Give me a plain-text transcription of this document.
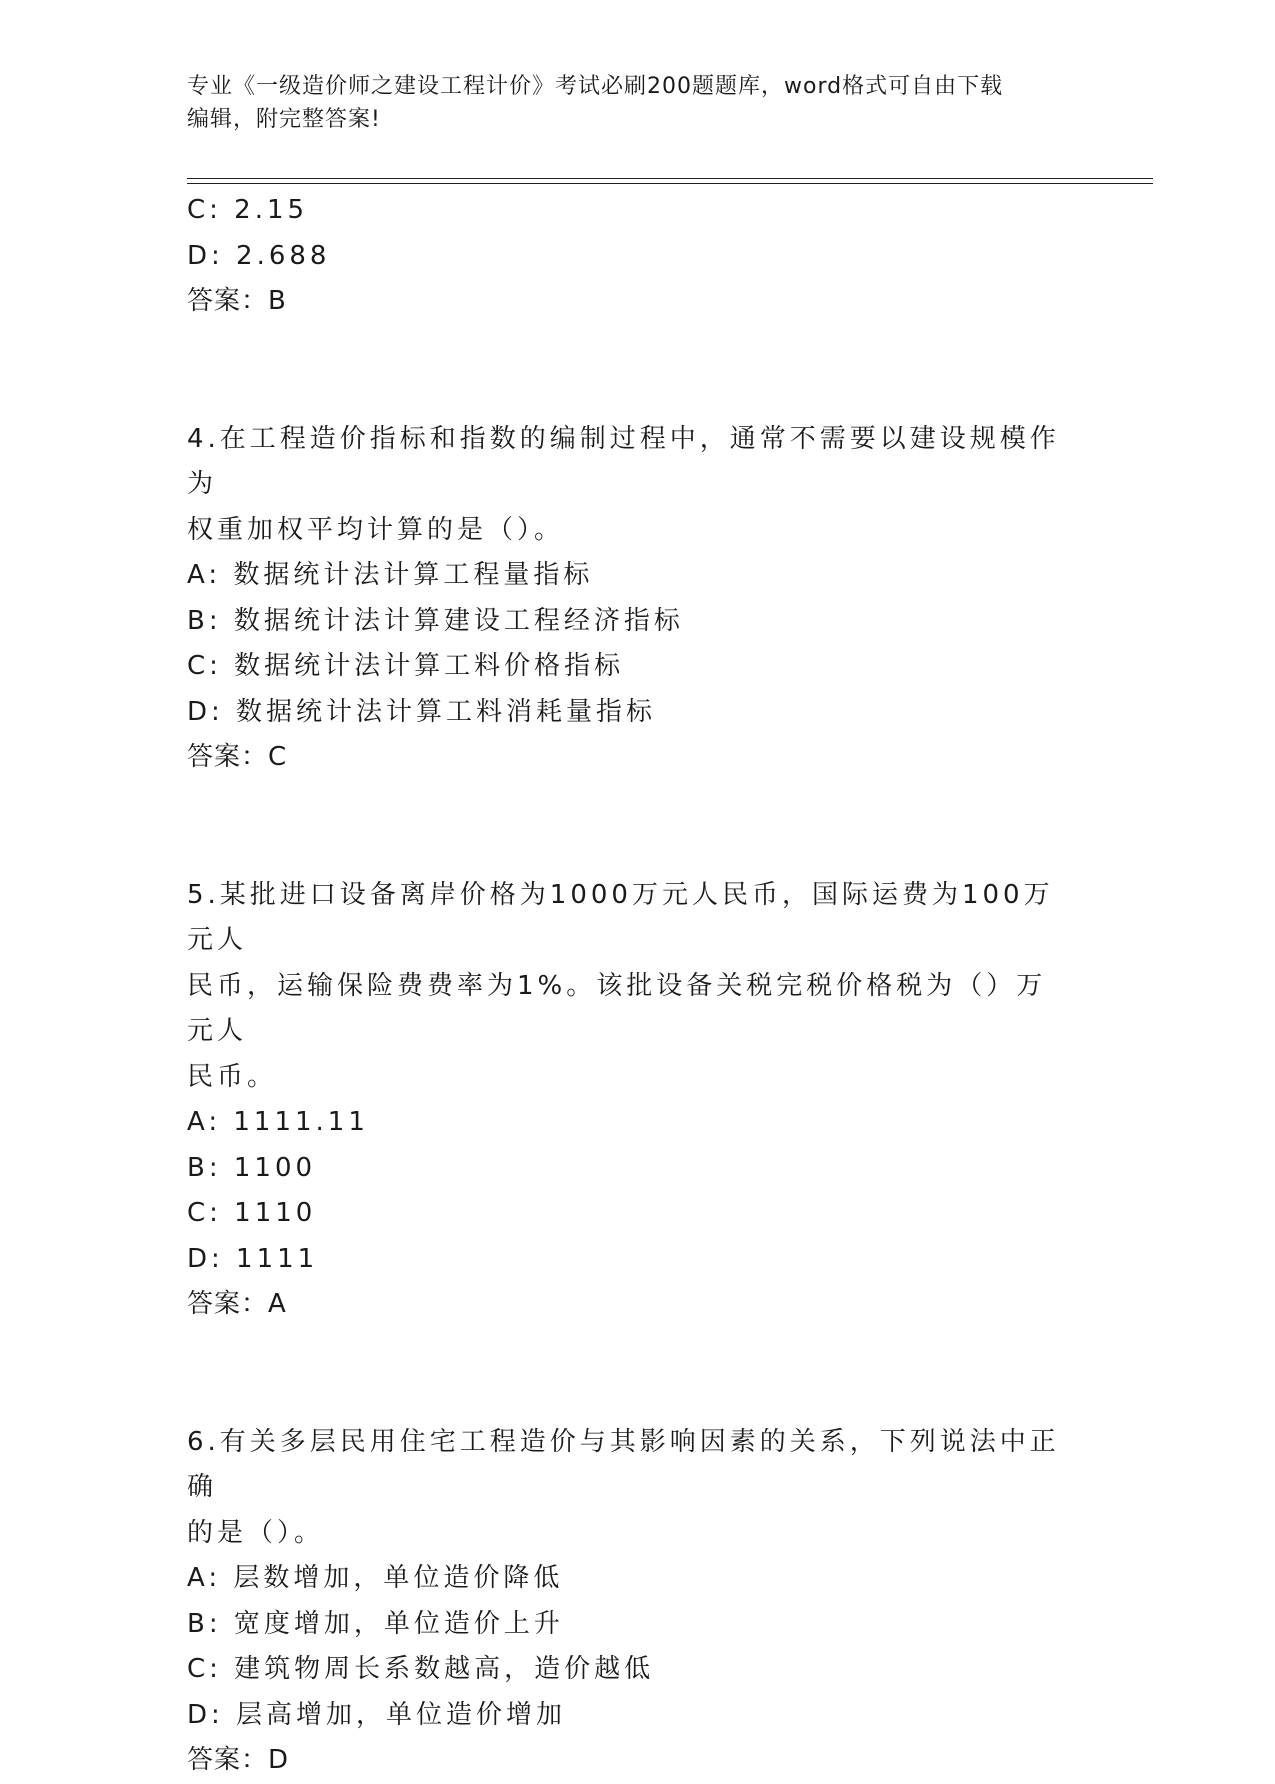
专业《一级造价师之建设工程计价》考试必刷200题题库，word格式可自由下载
编辑，附完整答案!
C: 2.15
D: 2.688
答案：B
4.在工程造价指标和指数的编制过程中，通常不需要以建设规模作为
权重加权平均计算的是（）。
A: 数据统计法计算工程量指标
B: 数据统计法计算建设工程经济指标
C: 数据统计法计算工料价格指标
D: 数据统计法计算工料消耗量指标
答案：C
5.某批进口设备离岸价格为1000万元人民币，国际运费为100万元人
民币，运输保险费费率为1%。该批设备关税完税价格税为（）万元人
民币。
A: 1111.11
B: 1100
C: 1110
D: 1111
答案：A
6.有关多层民用住宅工程造价与其影响因素的关系，下列说法中正确
的是（）。
A: 层数增加，单位造价降低
B: 宽度增加，单位造价上升
C: 建筑物周长系数越高，造价越低
D: 层高增加，单位造价增加
答案：D
